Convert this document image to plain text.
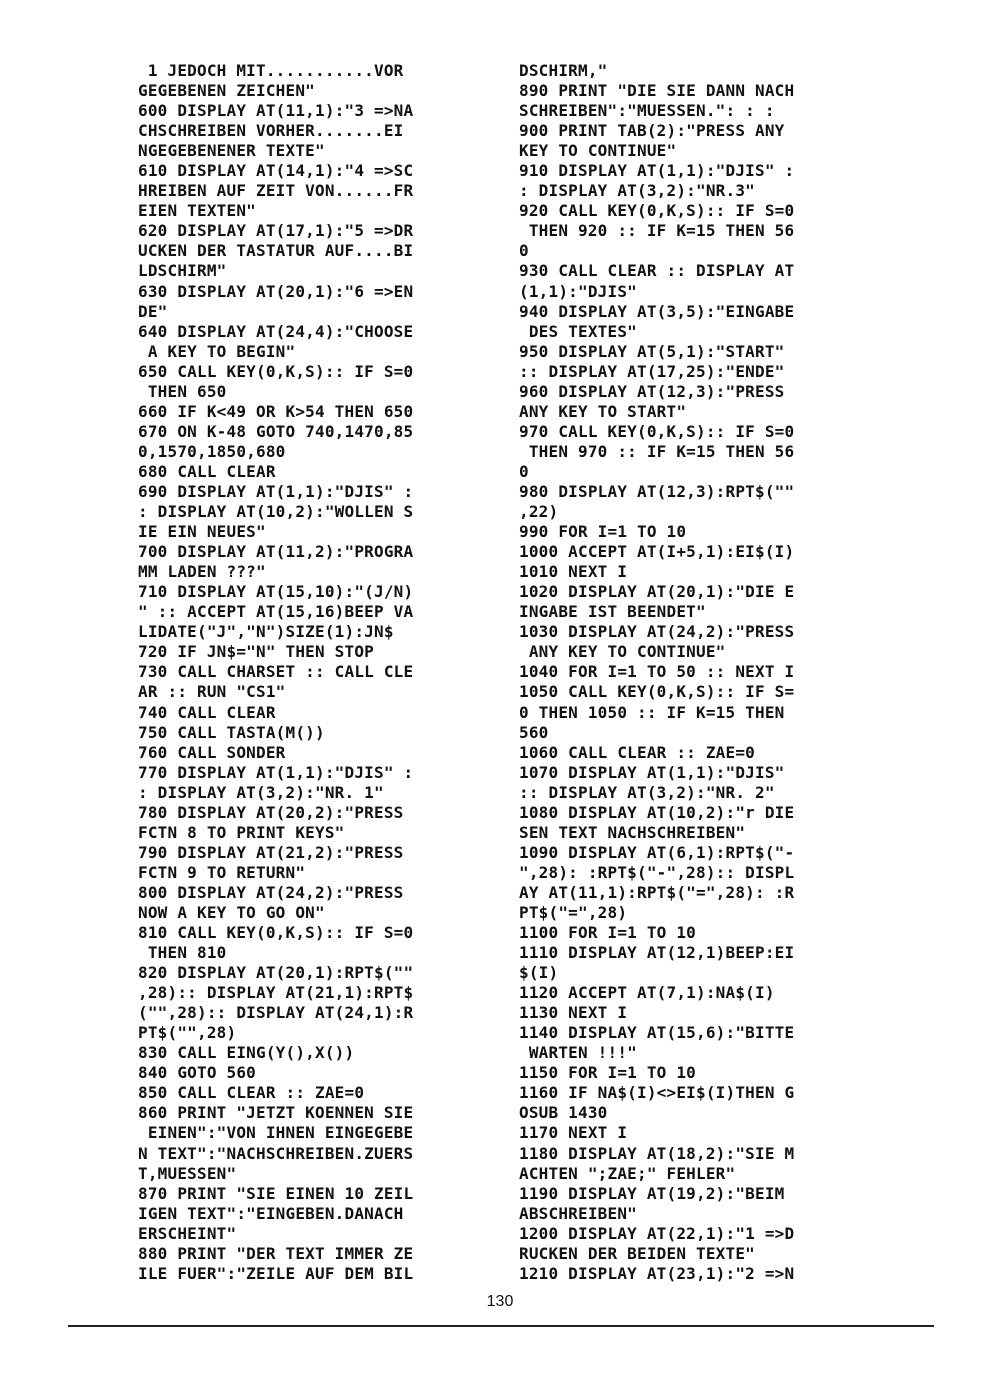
1 JEDOCH MIT...........VOR
GEGEBENEN ZEICHEN"
600 DISPLAY AT(11,1):"3 =>NA
CHSCHREIBEN VORHER.......EI
NGEGEBENENER TEXTE"
610 DISPLAY AT(14,1):"4 =>SC
HREIBEN AUF ZEIT VON......FR
EIEN TEXTEN"
620 DISPLAY AT(17,1):"5 =>DR
UCKEN DER TASTATUR AUF....BI
LDSCHIRM"
630 DISPLAY AT(20,1):"6 =>EN
DE"
640 DISPLAY AT(24,4):"CHOOSE
A KEY TO BEGIN"
650 CALL KEY(0,K,S):: IF S=0
THEN 650
660 IF K<49 OR K>54 THEN 650
670 ON K-48 GOTO 740,1470,85
0,1570,1850,680
680 CALL CLEAR
690 DISPLAY AT(1,1):"DJIS" :
: DISPLAY AT(10,2):"WOLLEN S
IE EIN NEUES"
700 DISPLAY AT(11,2):"PROGRA
MM LADEN ???"
710 DISPLAY AT(15,10):"(J/N)
" :: ACCEPT AT(15,16)BEEP VA
LIDATE("J","N")SIZE(1):JN$
720 IF JN$="N" THEN STOP
730 CALL CHARSET :: CALL CLE
AR :: RUN "CS1"
740 CALL CLEAR
750 CALL TASTA(M())
760 CALL SONDER
770 DISPLAY AT(1,1):"DJIS" :
: DISPLAY AT(3,2):"NR. 1"
780 DISPLAY AT(20,2):"PRESS
FCTN 8 TO PRINT KEYS"
790 DISPLAY AT(21,2):"PRESS
FCTN 9 TO RETURN"
800 DISPLAY AT(24,2):"PRESS
NOW A KEY TO GO ON"
810 CALL KEY(0,K,S):: IF S=0
THEN 810
820 DISPLAY AT(20,1):RPT$(""
,28):: DISPLAY AT(21,1):RPT$
("",28):: DISPLAY AT(24,1):R
PT$("",28)
830 CALL EING(Y(),X())
840 GOTO 560
850 CALL CLEAR :: ZAE=0
860 PRINT "JETZT KOENNEN SIE
EINEN":"VON IHNEN EINGEGEBE
N TEXT":"NACHSCHREIBEN.ZUERS
T,MUESSEN"
870 PRINT "SIE EINEN 10 ZEIL
IGEN TEXT":"EINGEBEN.DANACH
ERSCHEINT"
880 PRINT "DER TEXT IMMER ZE
ILE FUER":"ZEILE AUF DEM BIL
DSCHIRM,"
890 PRINT "DIE SIE DANN NACH
SCHREIBEN":"MUESSEN.": : :
900 PRINT TAB(2):"PRESS ANY
KEY TO CONTINUE"
910 DISPLAY AT(1,1):"DJIS" :
: DISPLAY AT(3,2):"NR.3"
920 CALL KEY(0,K,S):: IF S=0
THEN 920 :: IF K=15 THEN 56
0
930 CALL CLEAR :: DISPLAY AT
(1,1):"DJIS"
940 DISPLAY AT(3,5):"EINGABE
DES TEXTES"
950 DISPLAY AT(5,1):"START"
:: DISPLAY AT(17,25):"ENDE"
960 DISPLAY AT(12,3):"PRESS
ANY KEY TO START"
970 CALL KEY(0,K,S):: IF S=0
THEN 970 :: IF K=15 THEN 56
0
980 DISPLAY AT(12,3):RPT$(""
,22)
990 FOR I=1 TO 10
1000 ACCEPT AT(I+5,1):EI$(I)
1010 NEXT I
1020 DISPLAY AT(20,1):"DIE E
INGABE IST BEENDET"
1030 DISPLAY AT(24,2):"PRESS
ANY KEY TO CONTINUE"
1040 FOR I=1 TO 50 :: NEXT I
1050 CALL KEY(0,K,S):: IF S=
0 THEN 1050 :: IF K=15 THEN
560
1060 CALL CLEAR :: ZAE=0
1070 DISPLAY AT(1,1):"DJIS"
:: DISPLAY AT(3,2):"NR. 2"
1080 DISPLAY AT(10,2):"r DIE
SEN TEXT NACHSCHREIBEN"
1090 DISPLAY AT(6,1):RPT$("-
",28): :RPT$("-",28):: DISPL
AY AT(11,1):RPT$("=",28): :R
PT$("=",28)
1100 FOR I=1 TO 10
1110 DISPLAY AT(12,1)BEEP:EI
$(I)
1120 ACCEPT AT(7,1):NA$(I)
1130 NEXT I
1140 DISPLAY AT(15,6):"BITTE
WARTEN !!!"
1150 FOR I=1 TO 10
1160 IF NA$(I)<>EI$(I)THEN G
OSUB 1430
1170 NEXT I
1180 DISPLAY AT(18,2):"SIE M
ACHTEN ";ZAE;" FEHLER"
1190 DISPLAY AT(19,2):"BEIM
ABSCHREIBEN"
1200 DISPLAY AT(22,1):"1 =>D
RUCKEN DER BEIDEN TEXTE"
1210 DISPLAY AT(23,1):"2 =>N
130
